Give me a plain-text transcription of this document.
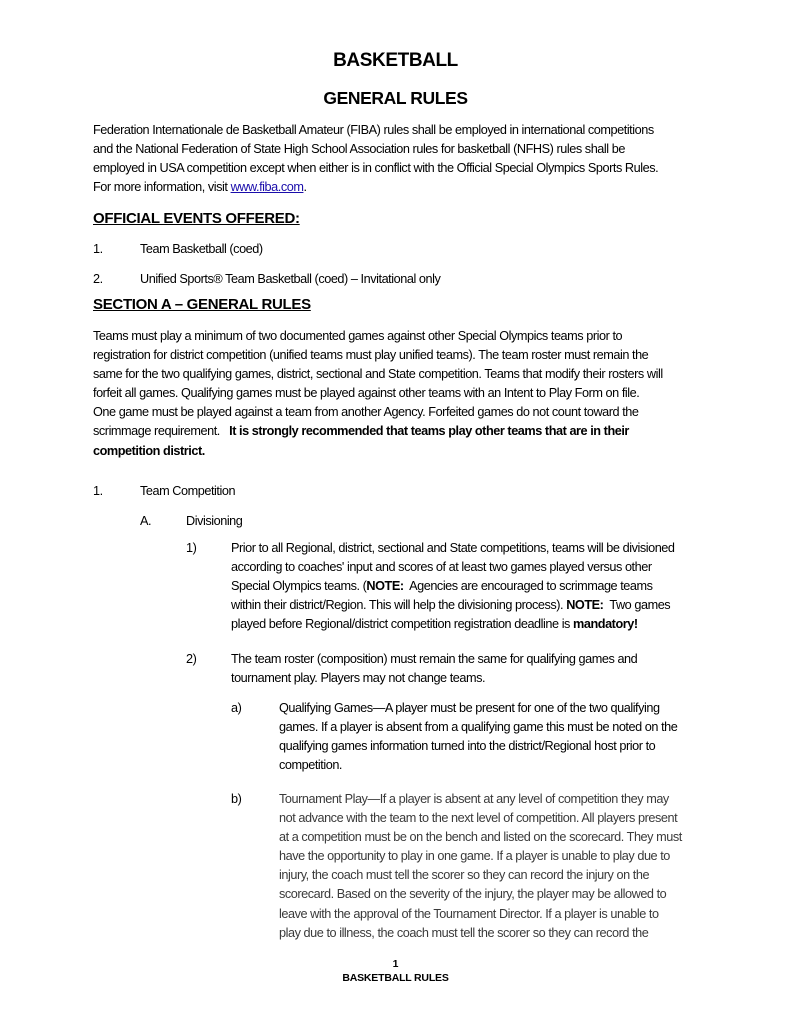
BASKETBALL
GENERAL RULES
Federation Internationale de Basketball Amateur (FIBA) rules shall be employed in international competitions
and the National Federation of State High School Association rules for basketball (NFHS) rules shall be
employed in USA competition except when either is in conflict with the Official Special Olympics Sports Rules.
For more information, visit www.fiba.com.
OFFICIAL EVENTS OFFERED:
1.	Team Basketball (coed)
2.	Unified Sports® Team Basketball (coed) – Invitational only
SECTION A – GENERAL RULES
Teams must play a minimum of two documented games against other Special Olympics teams prior to
registration for district competition (unified teams must play unified teams). The team roster must remain the
same for the two qualifying games, district, sectional and State competition. Teams that modify their rosters will
forfeit all games. Qualifying games must be played against other teams with an Intent to Play Form on file.
One game must be played against a team from another Agency. Forfeited games do not count toward the
scrimmage requirement.   It is strongly recommended that teams play other teams that are in their
competition district.
1.	Team Competition
A.	Divisioning
1)	Prior to all Regional, district, sectional and State competitions, teams will be divisioned
according to coaches' input and scores of at least two games played versus other
Special Olympics teams. (NOTE:  Agencies are encouraged to scrimmage teams
within their district/Region. This will help the divisioning process). NOTE:  Two games
played before Regional/district competition registration deadline is mandatory!
2)	The team roster (composition) must remain the same for qualifying games and
tournament play. Players may not change teams.
a)	Qualifying Games—A player must be present for one of the two qualifying
games. If a player is absent from a qualifying game this must be noted on the
qualifying games information turned into the district/Regional host prior to
competition.
b)	Tournament Play—If a player is absent at any level of competition they may
not advance with the team to the next level of competition. All players present
at a competition must be on the bench and listed on the scorecard. They must
have the opportunity to play in one game. If a player is unable to play due to
injury, the coach must tell the scorer so they can record the injury on the
scorecard. Based on the severity of the injury, the player may be allowed to
leave with the approval of the Tournament Director. If a player is unable to
play due to illness, the coach must tell the scorer so they can record the
1
BASKETBALL RULES
